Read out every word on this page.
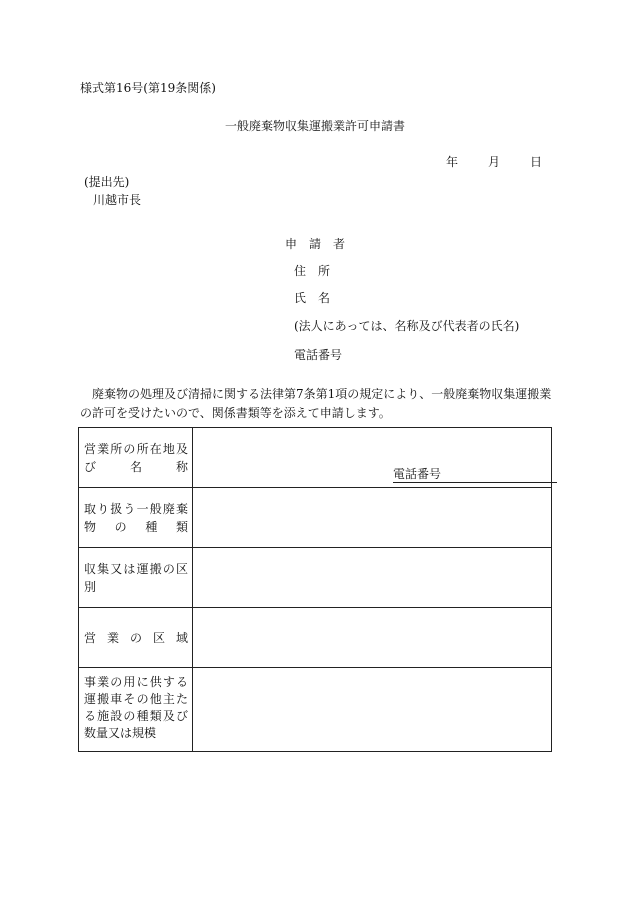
様式第16号(第19条関係)
一般廃棄物収集運搬業許可申請書
年	月	日
(提出先)
川越市長
申　請　者
住　所
氏　名
(法人にあっては、名称及び代表者の氏名)
電話番号
廃棄物の処理及び清掃に関する法律第7条第1項の規定により、一般廃棄物収集運搬業の許可を受けたいので、関係書類等を添えて申請します。
営業所の所在地及び名称	電話番号

取り扱う一般廃棄物の種類	
収集又は運搬の区別	
営業の区域	
事業の用に供する運搬車その他主たる施設の種類及び数量又は規模	
